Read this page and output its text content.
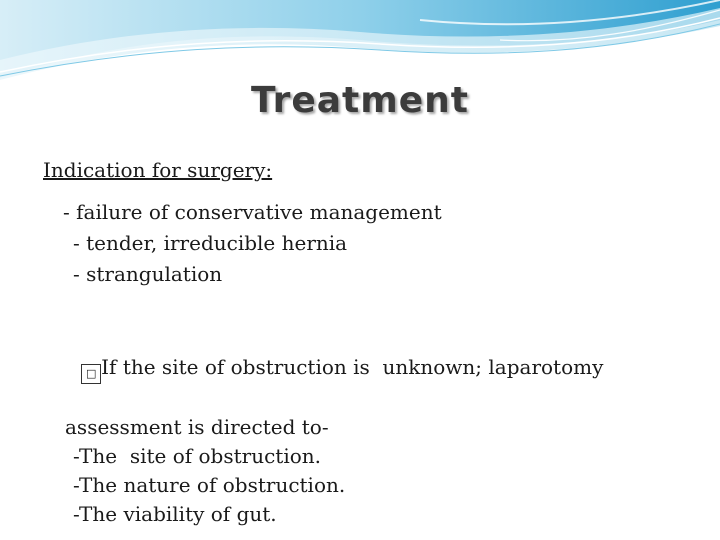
Treatment
Indication for surgery:
- failure of conservative management
- tender, irreducible hernia
- strangulation

□ If the site of obstruction is  unknown; laparotomy

assessment is directed to-
-The  site of obstruction.
-The nature of obstruction.
-The viability of gut.
